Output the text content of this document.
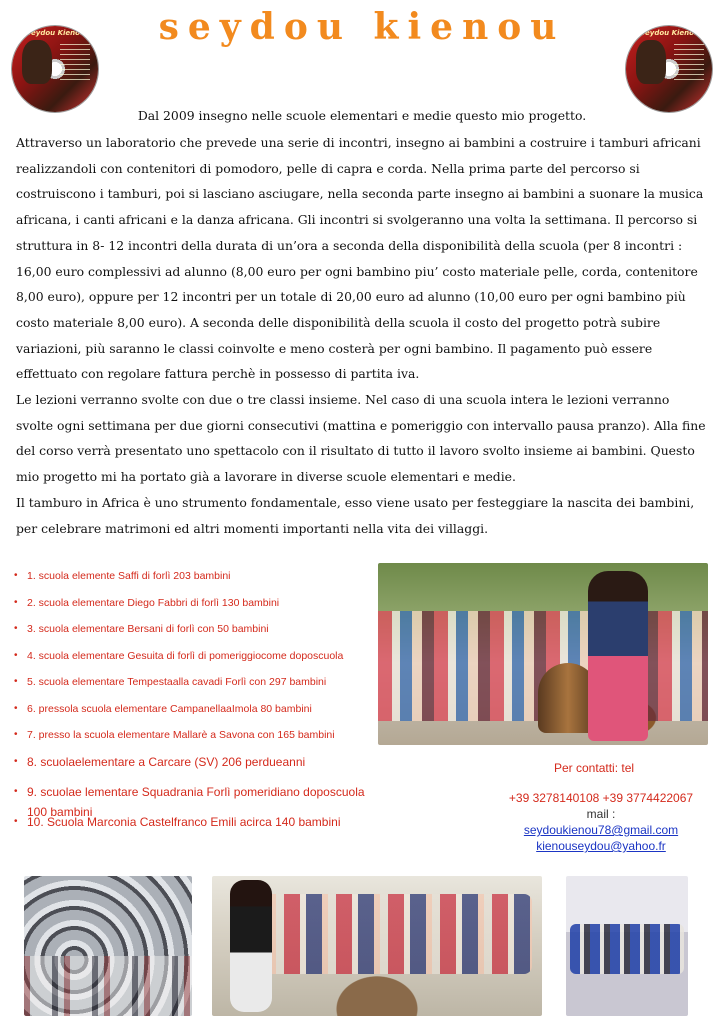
seydou kienou
Seydou Kienou	Seydou Kienou
Dal 2009 insegno nelle scuole elementari e medie questo mio progetto.

Attraverso un laboratorio che prevede una serie di incontri, insegno ai bambini a costruire i tamburi africani realizzandoli con contenitori di pomodoro, pelle di capra e corda. Nella prima parte del percorso si costruiscono i tamburi, poi si lasciano asciugare, nella seconda parte insegno ai bambini a suonare la musica africana, i canti africani e la danza africana. Gli incontri si svolgeranno una volta la settimana. Il percorso si struttura in 8- 12 incontri della durata di un’ora a seconda della disponibilità della scuola (per 8 incontri : 16,00 euro complessivi ad alunno (8,00 euro per ogni bambino piu’ costo materiale pelle, corda, contenitore 8,00 euro), oppure per 12 incontri per un totale di 20,00 euro ad alunno (10,00 euro per ogni bambino più costo materiale 8,00 euro). A seconda delle disponibilità della scuola il costo del progetto potrà subire variazioni, più saranno le classi coinvolte e meno costerà per ogni bambino. Il pagamento può essere effettuato con regolare fattura perchè in possesso di partita iva.

Le lezioni verranno svolte con due o tre classi insieme. Nel caso di una scuola intera le lezioni verranno svolte ogni settimana per due giorni consecutivi (mattina e pomeriggio con intervallo pausa pranzo). Alla fine del corso verrà presentato uno spettacolo con il risultato di tutto il lavoro svolto insieme ai bambini. Questo mio progetto mi ha portato già a lavorare in diverse scuole elementari e medie.

Il tamburo in Africa è uno strumento fondamentale, esso viene usato per festeggiare la nascita dei bambini, per celebrare matrimoni ed altri momenti importanti nella vita dei villaggi.

• 1. scuola elemente Saffi di forlì 203 bambini
• 2. scuola elementare Diego Fabbri di forlì 130 bambini
• 3. scuola elementare Bersani di forlì con 50 bambini
• 4. scuola elementare Gesuita di forlì di pomeriggiocome doposcuola
• 5. scuola elementare Tempestaalla cavadi Forlì con 297 bambini
• 6. pressola scuola elementare CampanellaaImola 80 bambini
• 7. presso la scuola elementare Mallarè a Savona con 165 bambini
• 8. scuolaelementare a Carcare (SV) 206 perdueanni
• 9. scuolae lementare Squadrania Forlì pomeridiano doposcuola 100 bambini
• 10. Scuola Marconia Castelfranco Emili acirca 140 bambini
Per contatti: tel
+39 3278140108 +39 3774422067
mail :
seydoukienou78@gmail.com
kienouseydou@yahoo.fr
